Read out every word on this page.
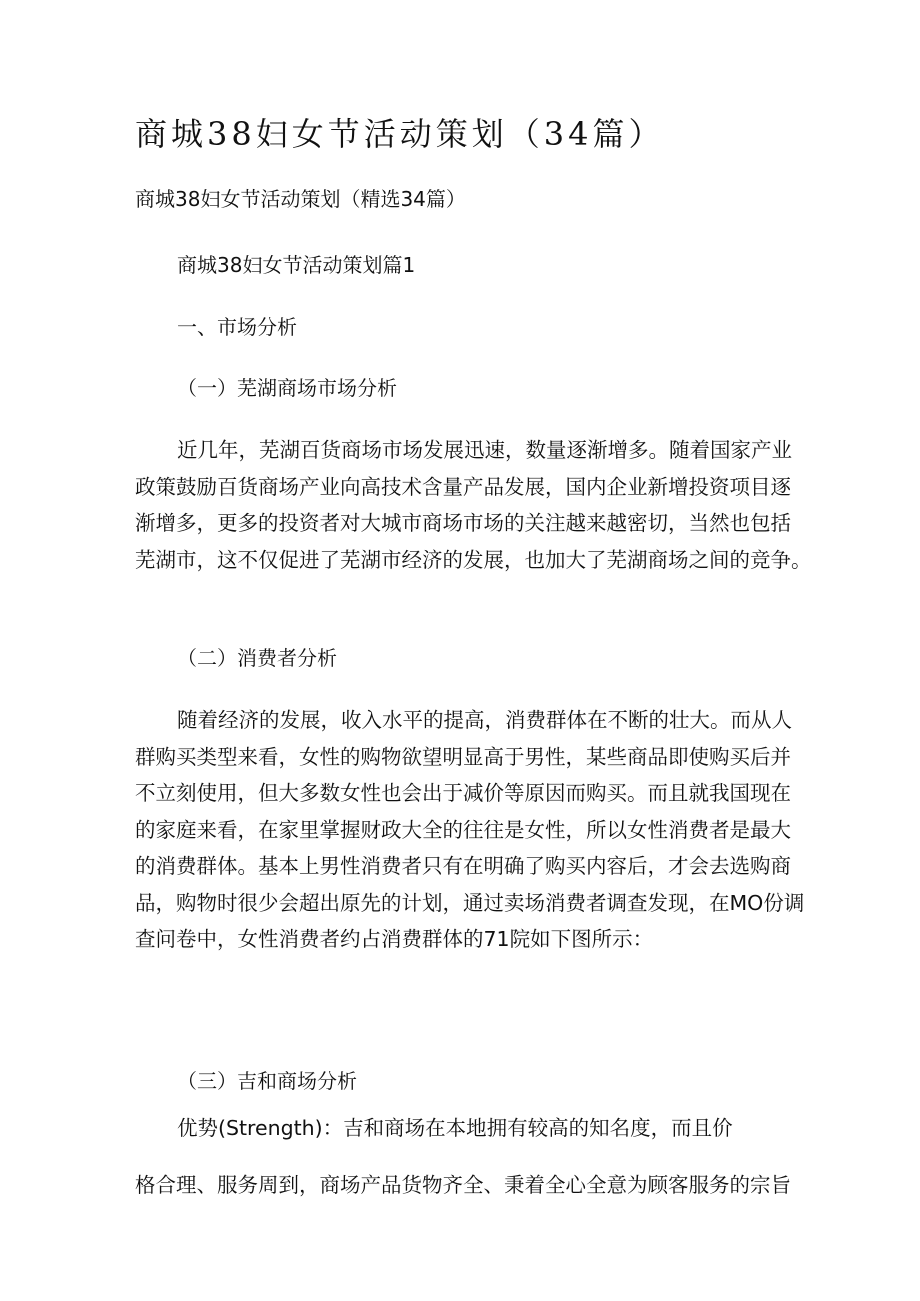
商城38妇女节活动策划（34篇）

商城38妇女节活动策划（精选34篇）

商城38妇女节活动策划篇1

一、市场分析

（一）芜湖商场市场分析

近几年，芜湖百货商场市场发展迅速，数量逐渐增多。随着国家产业
政策鼓励百货商场产业向高技术含量产品发展，国内企业新增投资项目逐
渐增多，更多的投资者对大城市商场市场的关注越来越密切，当然也包括
芜湖市，这不仅促进了芜湖市经济的发展，也加大了芜湖商场之间的竞争。

（二）消费者分析

随着经济的发展，收入水平的提高，消费群体在不断的壮大。而从人
群购买类型来看，女性的购物欲望明显高于男性，某些商品即使购买后并
不立刻使用，但大多数女性也会出于减价等原因而购买。而且就我国现在
的家庭来看，在家里掌握财政大全的往往是女性，所以女性消费者是最大
的消费群体。基本上男性消费者只有在明确了购买内容后，才会去选购商
品，购物时很少会超出原先的计划，通过卖场消费者调查发现，在MO份调
查问卷中，女性消费者约占消费群体的71院如下图所示：

（三）吉和商场分析

优势(Strength)：吉和商场在本地拥有较高的知名度，而且价

格合理、服务周到，商场产品货物齐全、秉着全心全意为顾客服务的宗旨
